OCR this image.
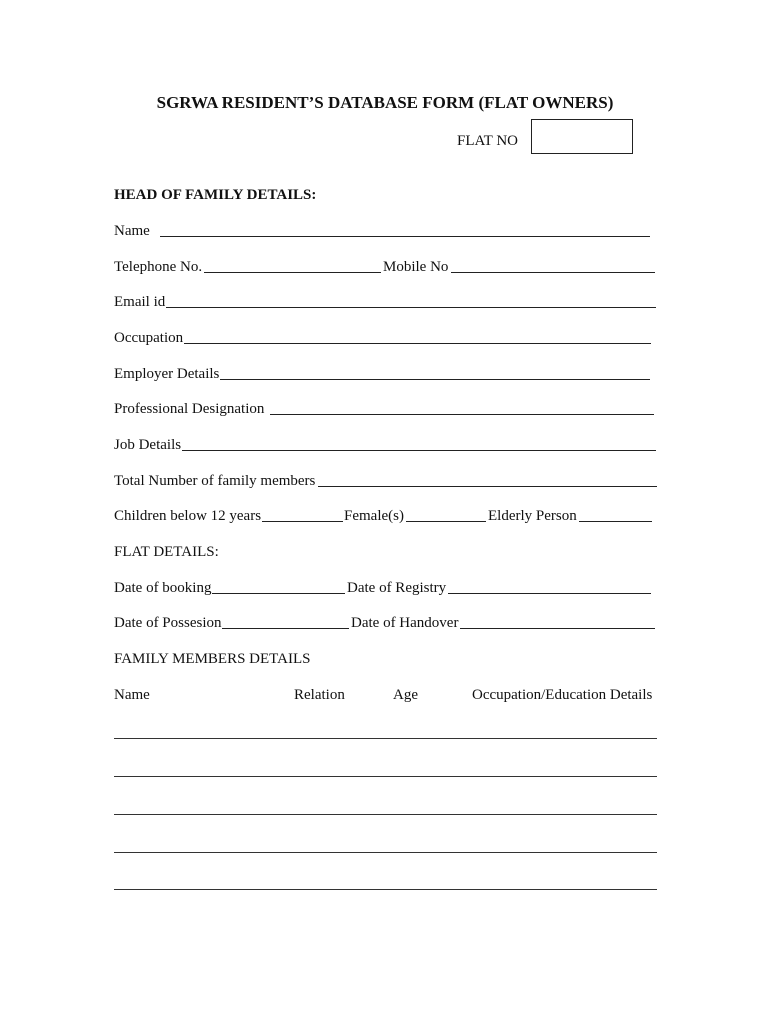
SGRWA RESIDENT’S DATABASE FORM (FLAT OWNERS)
FLAT NO
HEAD OF FAMILY DETAILS:
Name
Telephone No.	Mobile No
Email id
Occupation
Employer Details
Professional Designation
Job Details
Total Number of family members
Children below 12 years	Female(s)	Elderly Person
FLAT DETAILS:
Date of booking	Date of Registry
Date of Possesion	Date of Handover
FAMILY MEMBERS DETAILS
Name	Relation	Age	Occupation/Education Details
